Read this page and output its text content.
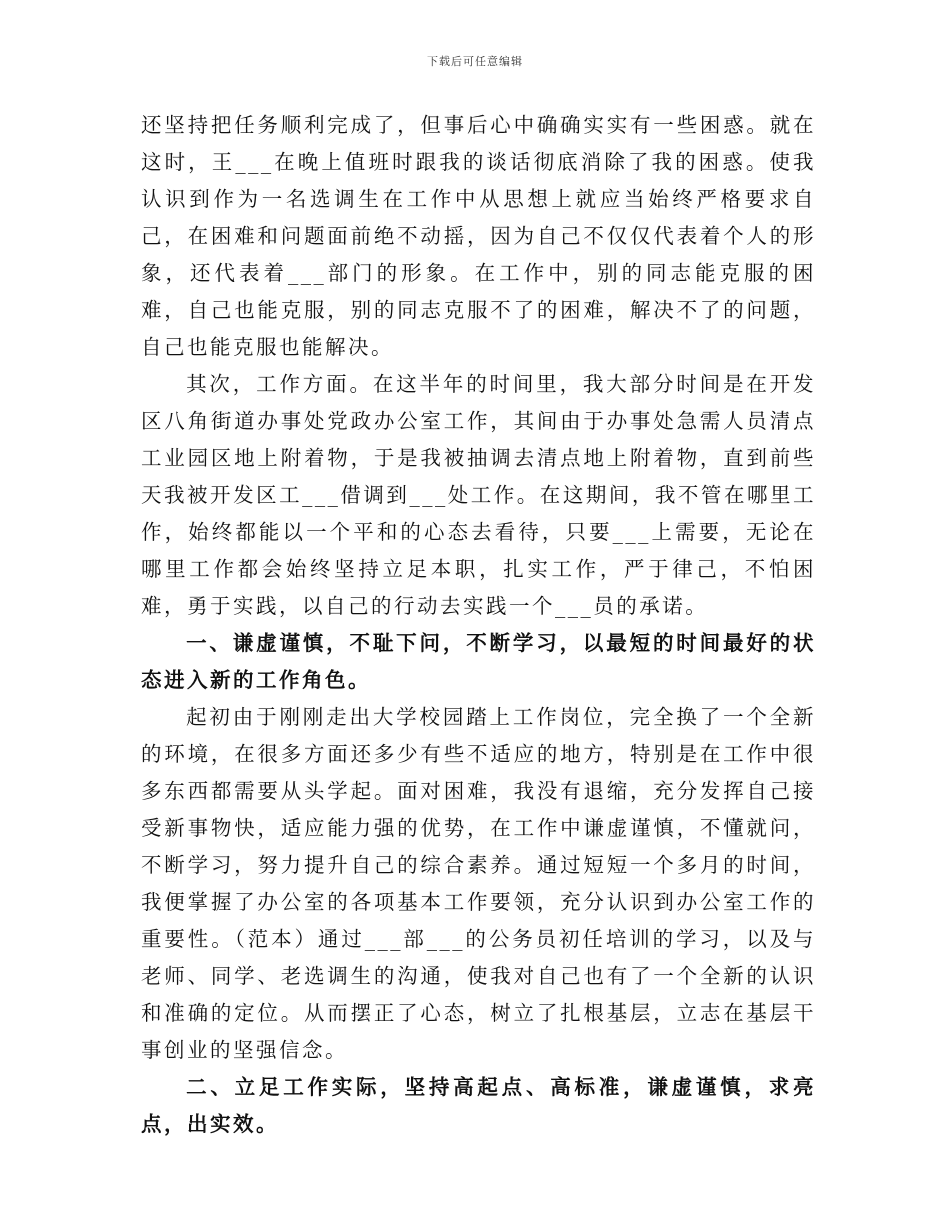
下载后可任意编辑

还坚持把任务顺利完成了，但事后心中确确实实有一些困惑。就在这时，王___在晚上值班时跟我的谈话彻底消除了我的困惑。使我认识到作为一名选调生在工作中从思想上就应当始终严格要求自己，在困难和问题面前绝不动摇，因为自己不仅仅代表着个人的形象，还代表着___部门的形象。在工作中，别的同志能克服的困难，自己也能克服，别的同志克服不了的困难，解决不了的问题，自己也能克服也能解决。

其次，工作方面。在这半年的时间里，我大部分时间是在开发区八角街道办事处党政办公室工作，其间由于办事处急需人员清点工业园区地上附着物，于是我被抽调去清点地上附着物，直到前些天我被开发区工___借调到___处工作。在这期间，我不管在哪里工作，始终都能以一个平和的心态去看待，只要___上需要，无论在哪里工作都会始终坚持立足本职，扎实工作，严于律己，不怕困难，勇于实践，以自己的行动去实践一个___员的承诺。

一、谦虚谨慎，不耻下问，不断学习，以最短的时间最好的状态进入新的工作角色。

起初由于刚刚走出大学校园踏上工作岗位，完全换了一个全新的环境，在很多方面还多少有些不适应的地方，特别是在工作中很多东西都需要从头学起。面对困难，我没有退缩，充分发挥自己接受新事物快，适应能力强的优势，在工作中谦虚谨慎，不懂就问，不断学习，努力提升自己的综合素养。通过短短一个多月的时间，我便掌握了办公室的各项基本工作要领，充分认识到办公室工作的重要性。（范本）通过___部___的公务员初任培训的学习，以及与老师、同学、老选调生的沟通，使我对自己也有了一个全新的认识和准确的定位。从而摆正了心态，树立了扎根基层，立志在基层干事创业的坚强信念。

二、立足工作实际，坚持高起点、高标准，谦虚谨慎，求亮点，出实效。
